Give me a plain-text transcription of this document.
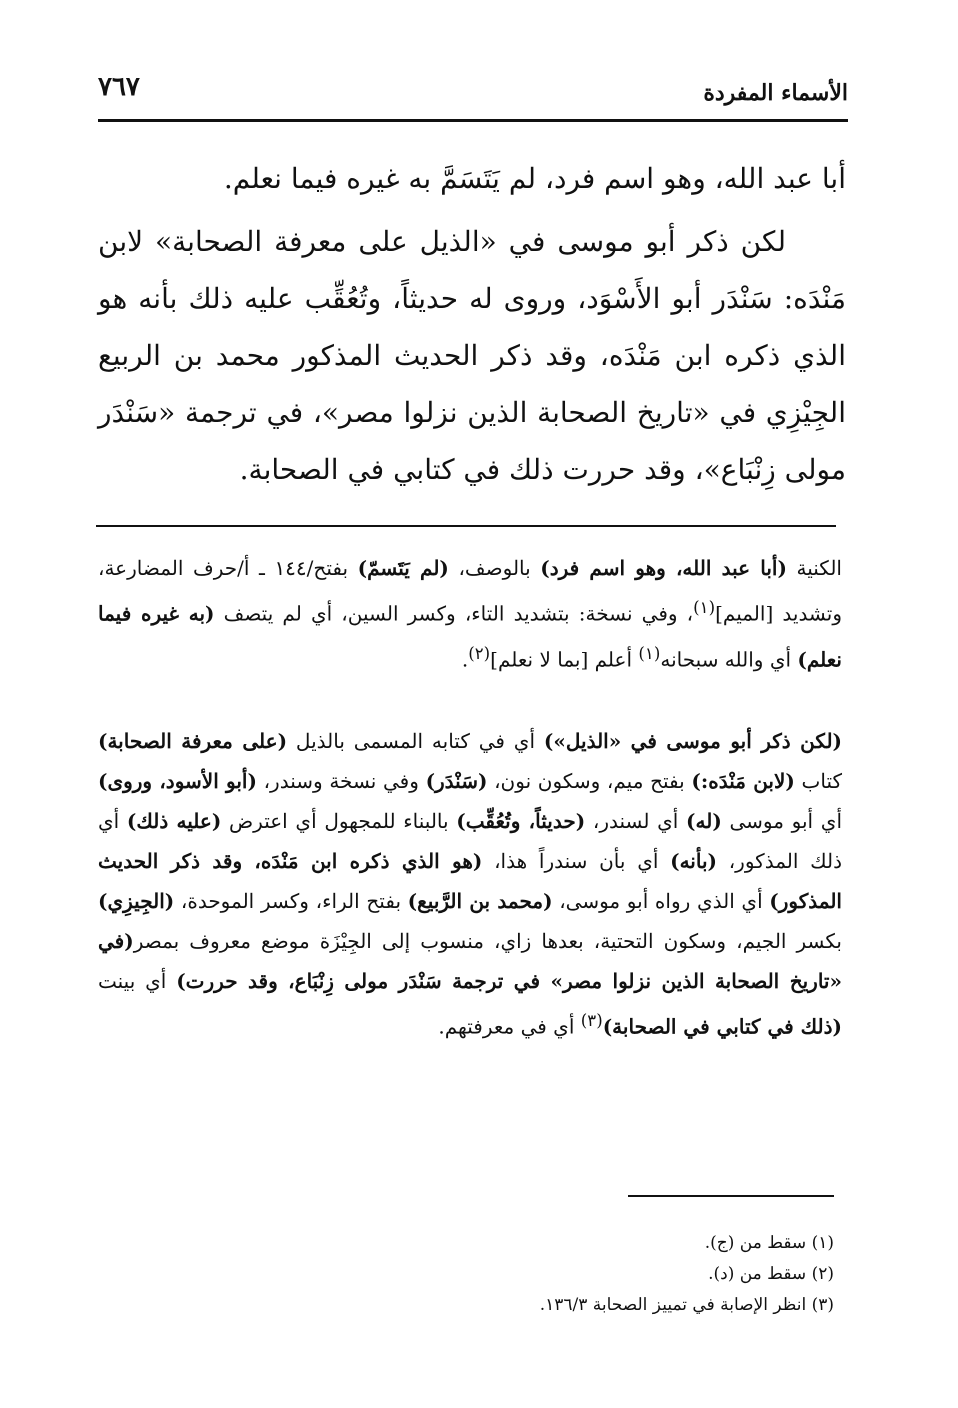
الأسماء المفردة
٧٦٧

أبا عبد الله، وهو اسم فرد، لم يَتَسَمَّ به غيره فيما نعلم.

لكن ذكر أبو موسى في «الذيل على معرفة الصحابة» لابن مَنْدَه: سَنْدَر أبو الأَسْوَد، وروى له حديثاً، وتُعُقِّب عليه ذلك بأنه هو الذي ذكره ابن مَنْدَه، وقد ذكر الحديث المذكور محمد بن الربيع الجِيْزِي في «تاريخ الصحابة الذين نزلوا مصر»، في ترجمة «سَنْدَر مولى زِنْبَاع»، وقد حررت ذلك في كتابي في الصحابة.

الكنية (أبا عبد الله، وهو اسم فرد) بالوصف، (لم يَتَسمّ) بفتح/١٤٤ ـ أ/حرف المضارعة، وتشديد [الميم]$^{(١)}$، وفي نسخة: بتشديد التاء، وكسر السين، أي لم يتصف (به غيره فيما نعلم) أي والله سبحانه$^{(١)}$ أعلم [بما لا نعلم]$^{(٢)}$.

(لكن ذكر أبو موسى في «الذيل») أي في كتابه المسمى بالذيل (على معرفة الصحابة) كتاب (لابن مَنْدَه:) بفتح ميم، وسكون نون، (سَنْدَر) وفي نسخة وسندر، (أبو الأسود، وروى) أي أبو موسى (له) أي لسندر، (حديثاً، وتُعُقِّب) بالبناء للمجهول أي اعترض (عليه ذلك) أي ذلك المذكور، (بأنه) أي بأن سندراً هذا، (هو الذي ذكره ابن مَنْدَه، وقد ذكر الحديث المذكور) أي الذي رواه أبو موسى، (محمد بن الرَّبيع) بفتح الراء، وكسر الموحدة، (الجِيزِي) بكسر الجيم، وسكون التحتية، بعدها زاي، منسوب إلى الجِيْزَة موضع معروف بمصر(في «تاريخ الصحابة الذين نزلوا مصر» في ترجمة سَنْدَر مولى زِنْبَاع، وقد حررت) أي بينت (ذلك في كتابي في الصحابة)$^{(٣)}$ أي في معرفتهم.

(١) سقط من (ج).
(٢) سقط من (د).
(٣) انظر الإصابة في تمييز الصحابة ١٣٦/٣.
